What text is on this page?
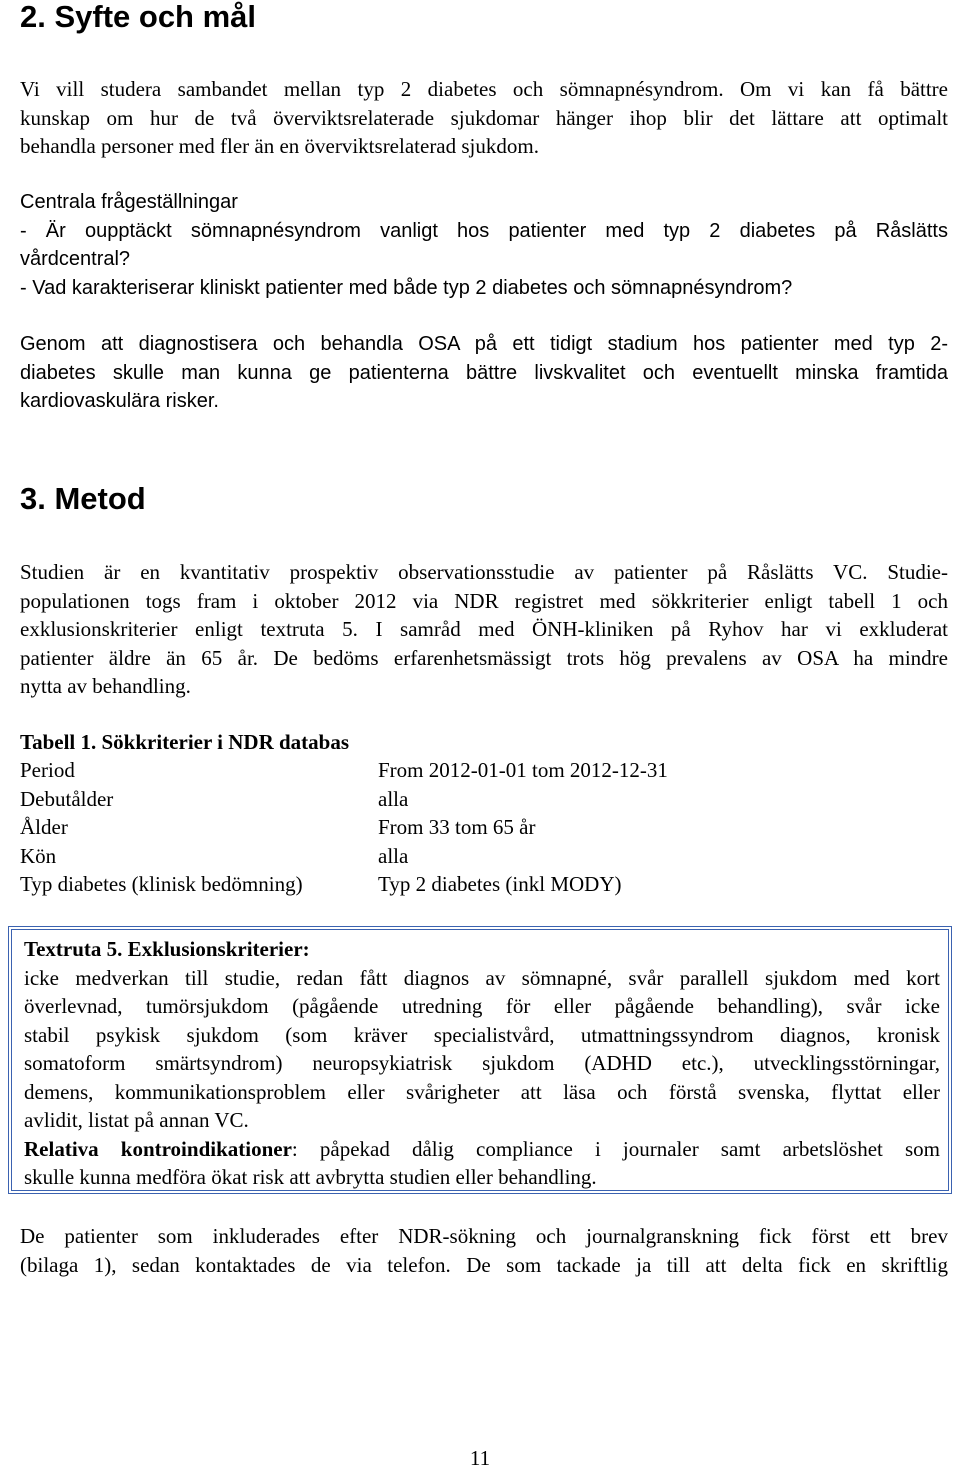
2. Syfte och mål
Vi vill studera sambandet mellan typ 2 diabetes och sömnapnésyndrom. Om vi kan få bättre
kunskap om hur de två överviktsrelaterade sjukdomar hänger ihop blir det lättare att optimalt
behandla personer med fler än en överviktsrelaterad sjukdom.
Centrala frågeställningar
- Är oupptäckt sömnapnésyndrom vanligt hos patienter med typ 2 diabetes på Råslätts
vårdcentral?
- Vad karakteriserar kliniskt patienter med både typ 2 diabetes och sömnapnésyndrom?
Genom att diagnostisera och behandla OSA på ett tidigt stadium hos patienter med typ 2-
diabetes skulle man kunna ge patienterna bättre livskvalitet och eventuellt minska framtida
kardiovaskulära risker.
3. Metod
Studien är en kvantitativ prospektiv observationsstudie av patienter på Råslätts VC. Studie-
populationen togs fram i oktober 2012 via NDR registret med sökkriterier enligt tabell 1 och
exklusionskriterier enligt textruta 5. I samråd med ÖNH-kliniken på Ryhov har vi exkluderat
patienter äldre än 65 år. De bedöms erfarenhetsmässigt trots hög prevalens av OSA ha mindre
nytta av behandling.
Tabell 1. Sökkriterier i NDR databas
Period	From 2012-01-01 tom 2012-12-31
Debutålder	alla
Ålder	From 33 tom 65 år
Kön	alla
Typ diabetes (klinisk bedömning)	Typ 2 diabetes (inkl MODY)
Textruta 5. Exklusionskriterier:
icke medverkan till studie, redan fått diagnos av sömnapné, svår parallell sjukdom med kort
överlevnad, tumörsjukdom (pågående utredning för eller pågående behandling), svår icke
stabil psykisk sjukdom (som kräver specialistvård, utmattningssyndrom diagnos, kronisk
somatoform smärtsyndrom) neuropsykiatrisk sjukdom (ADHD etc.), utvecklingsstörningar,
demens, kommunikationsproblem eller svårigheter att läsa och förstå svenska, flyttat eller
avlidit, listat på annan VC.
Relativa kontroindikationer: påpekad dålig compliance i journaler samt arbetslöshet som
skulle kunna medföra ökat risk att avbrytta studien eller behandling.
De patienter som inkluderades efter NDR-sökning och journalgranskning fick först ett brev
(bilaga 1), sedan kontaktades de via telefon. De som tackade ja till att delta fick en skriftlig
11
